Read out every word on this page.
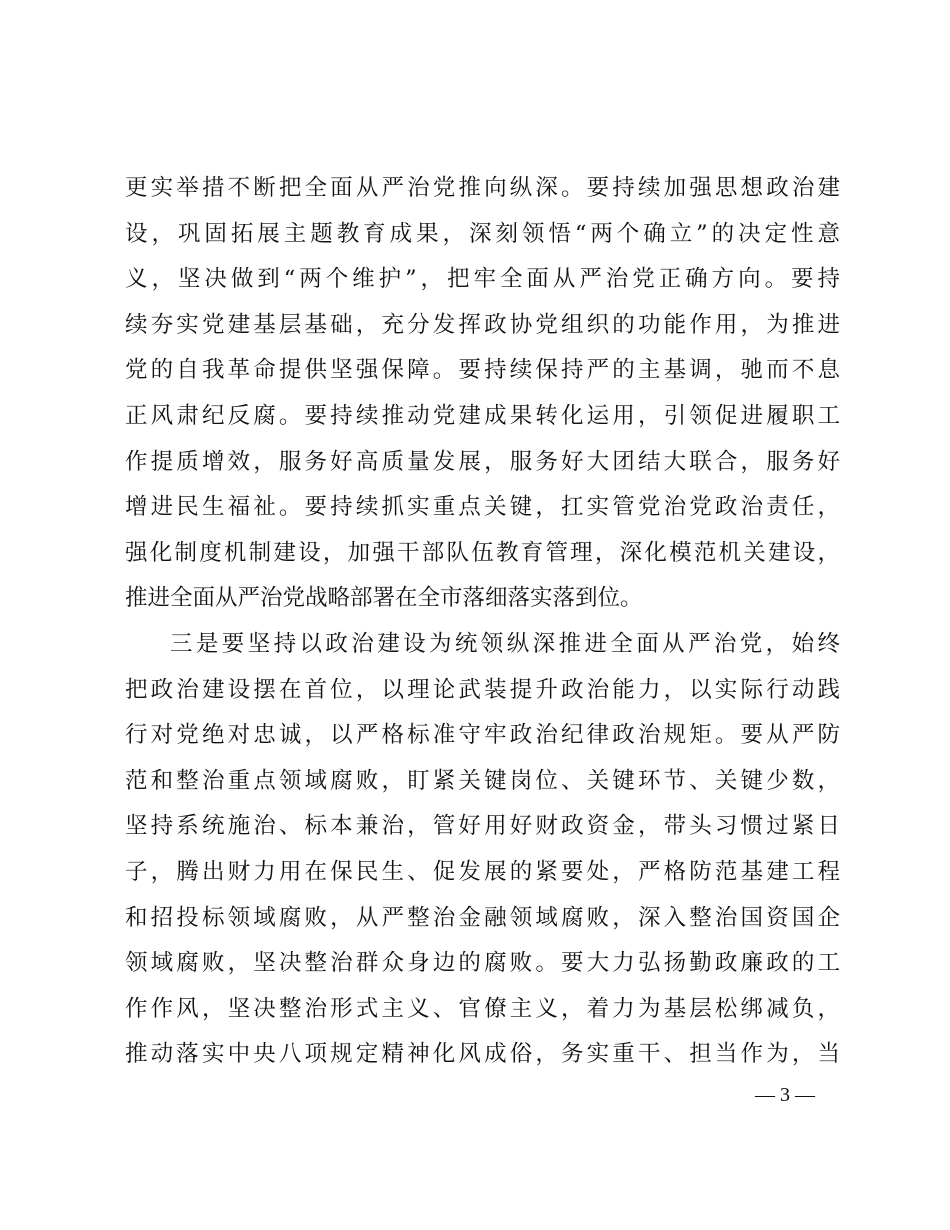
更实举措不断把全面从严治党推向纵深。要持续加强思想政治建
设，巩固拓展主题教育成果，深刻领悟“两个确立”的决定性意
义，坚决做到“两个维护”，把牢全面从严治党正确方向。要持
续夯实党建基层基础，充分发挥政协党组织的功能作用，为推进
党的自我革命提供坚强保障。要持续保持严的主基调，驰而不息
正风肃纪反腐。要持续推动党建成果转化运用，引领促进履职工
作提质增效，服务好高质量发展，服务好大团结大联合，服务好
增进民生福祉。要持续抓实重点关键，扛实管党治党政治责任，
强化制度机制建设，加强干部队伍教育管理，深化模范机关建设，
推进全面从严治党战略部署在全市落细落实落到位。
三是要坚持以政治建设为统领纵深推进全面从严治党，始终
把政治建设摆在首位，以理论武装提升政治能力，以实际行动践
行对党绝对忠诚，以严格标准守牢政治纪律政治规矩。要从严防
范和整治重点领域腐败，盯紧关键岗位、关键环节、关键少数，
坚持系统施治、标本兼治，管好用好财政资金，带头习惯过紧日
子，腾出财力用在保民生、促发展的紧要处，严格防范基建工程
和招投标领域腐败，从严整治金融领域腐败，深入整治国资国企
领域腐败，坚决整治群众身边的腐败。要大力弘扬勤政廉政的工
作作风，坚决整治形式主义、官僚主义，着力为基层松绑减负，
推动落实中央八项规定精神化风成俗，务实重干、担当作为，当
— 3 —
